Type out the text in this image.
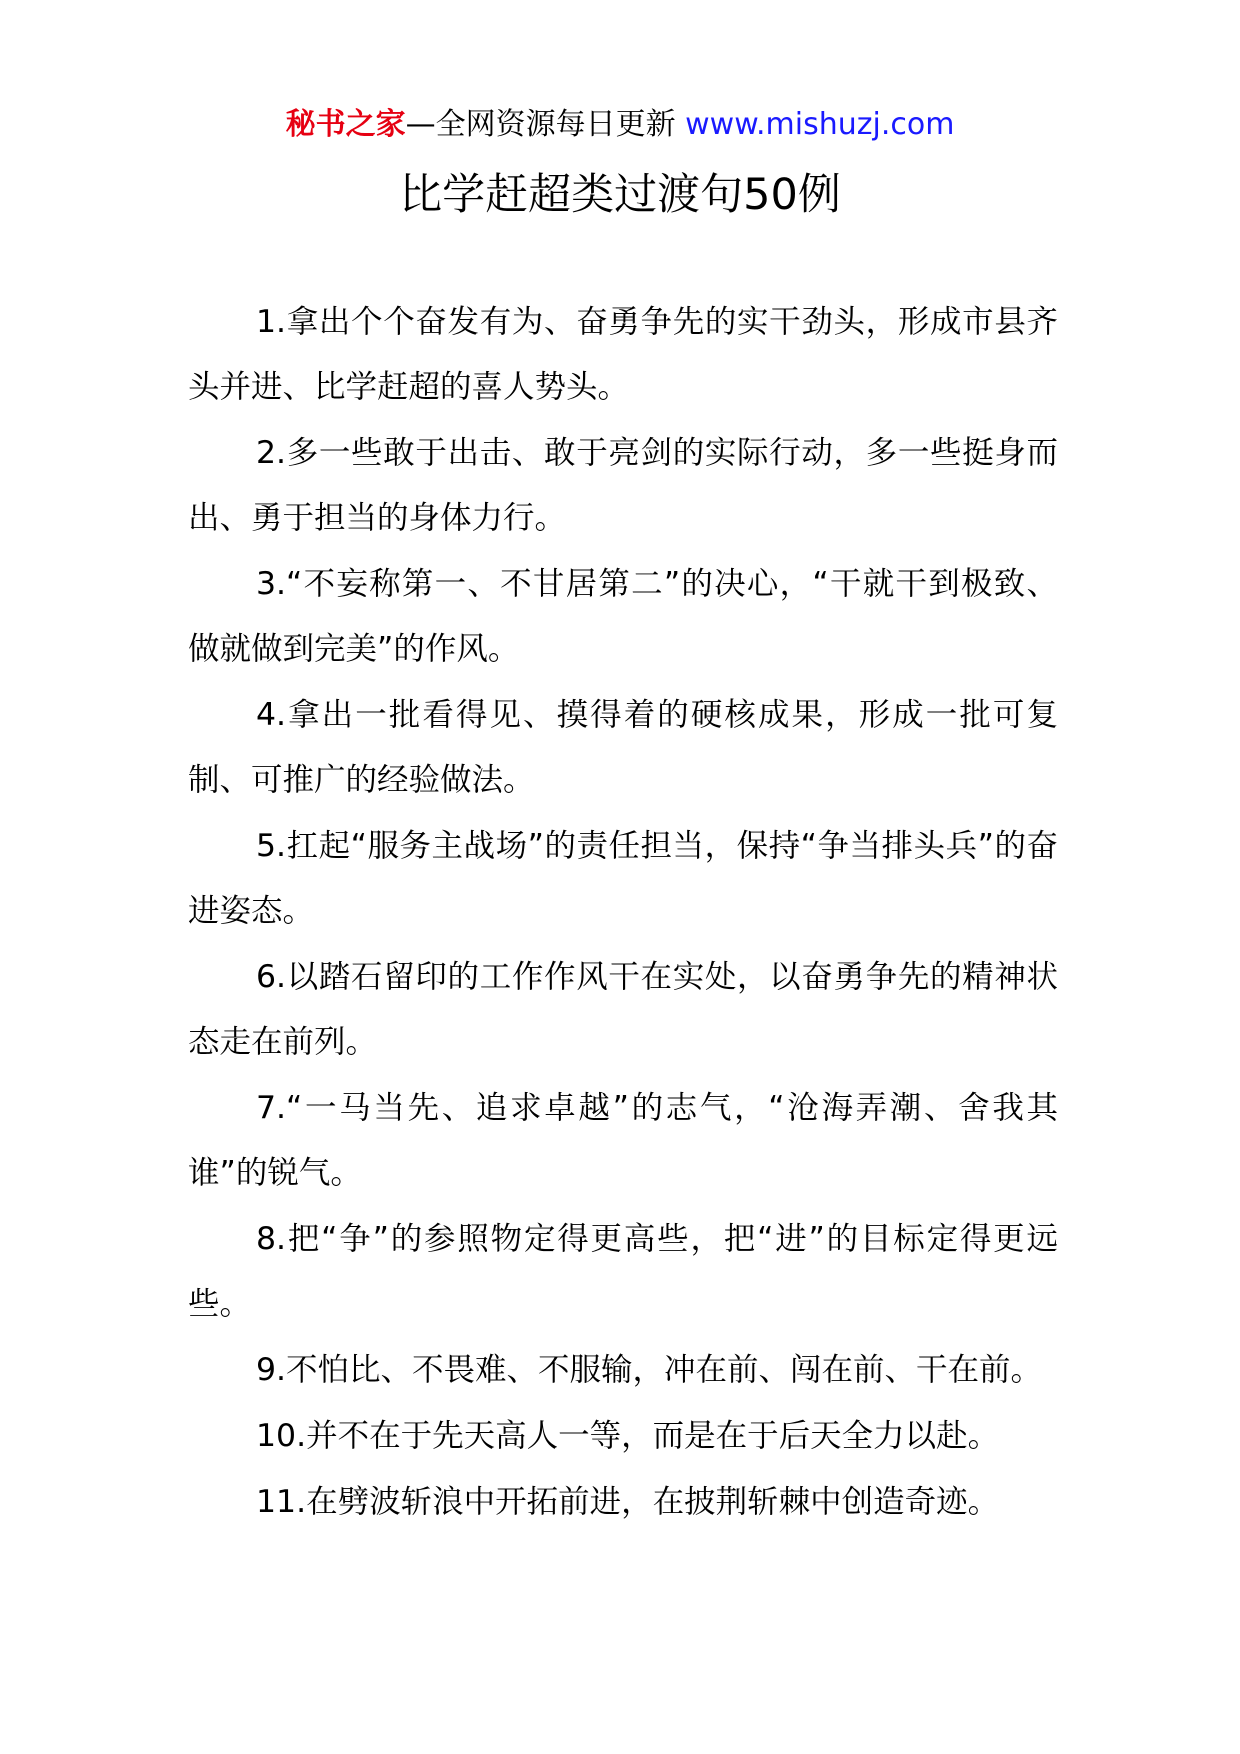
秘书之家—全网资源每日更新 www.mishuzj.com
比学赶超类过渡句50例

1.拿出个个奋发有为、奋勇争先的实干劲头，形成市县齐头并进、比学赶超的喜人势头。

2.多一些敢于出击、敢于亮剑的实际行动，多一些挺身而出、勇于担当的身体力行。

3.“不妄称第一、不甘居第二”的决心，“干就干到极致、做就做到完美”的作风。

4.拿出一批看得见、摸得着的硬核成果，形成一批可复制、可推广的经验做法。

5.扛起“服务主战场”的责任担当，保持“争当排头兵”的奋进姿态。

6.以踏石留印的工作作风干在实处，以奋勇争先的精神状态走在前列。

7.“一马当先、追求卓越”的志气，“沧海弄潮、舍我其谁”的锐气。

8.把“争”的参照物定得更高些，把“进”的目标定得更远些。

9.不怕比、不畏难、不服输，冲在前、闯在前、干在前。

10.并不在于先天高人一等，而是在于后天全力以赴。

11.在劈波斩浪中开拓前进，在披荆斩棘中创造奇迹。
